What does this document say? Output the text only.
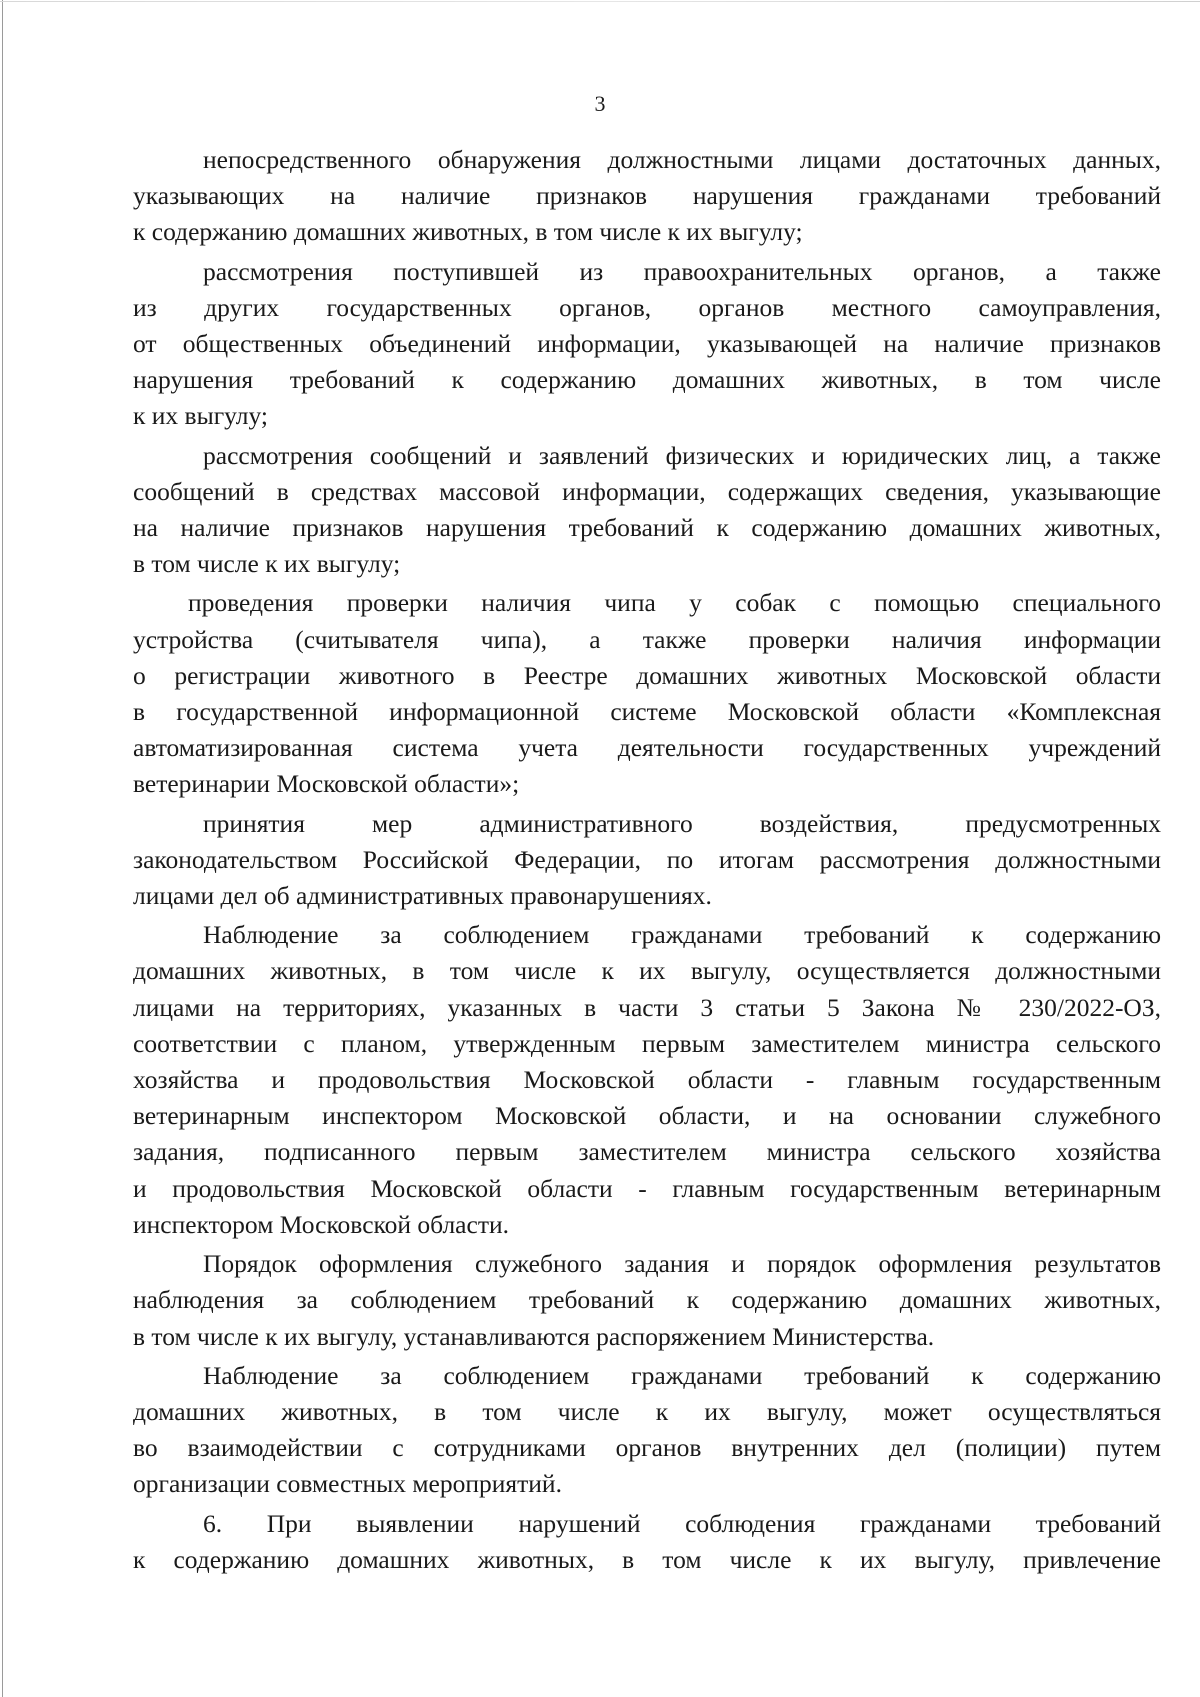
3

непосредственного обнаружения должностными лицами достаточных данных,
указывающих на наличие признаков нарушения гражданами требований
к содержанию домашних животных, в том числе к их выгулу;

рассмотрения поступившей из правоохранительных органов, а также
из других государственных органов, органов местного самоуправления,
от общественных объединений информации, указывающей на наличие признаков
нарушения требований к содержанию домашних животных, в том числе
к их выгулу;

рассмотрения сообщений и заявлений физических и юридических лиц, а также
сообщений в средствах массовой информации, содержащих сведения, указывающие
на наличие признаков нарушения требований к содержанию домашних животных,
в том числе к их выгулу;

проведения проверки наличия чипа у собак с помощью специального
устройства (считывателя чипа), а также проверки наличия информации
о регистрации животного в Реестре домашних животных Московской области
в государственной информационной системе Московской области «Комплексная
автоматизированная система учета деятельности государственных учреждений
ветеринарии Московской области»;

принятия мер административного воздействия, предусмотренных
законодательством Российской Федерации, по итогам рассмотрения должностными
лицами дел об административных правонарушениях.

Наблюдение за соблюдением гражданами требований к содержанию
домашних животных, в том числе к их выгулу, осуществляется должностными
лицами на территориях, указанных в части 3 статьи 5 Закона № 230/2022-ОЗ,
соответствии с планом, утвержденным первым заместителем министра сельского
хозяйства и продовольствия Московской области - главным государственным
ветеринарным инспектором Московской области, и на основании служебного
задания, подписанного первым заместителем министра сельского хозяйства
и продовольствия Московской области - главным государственным ветеринарным
инспектором Московской области.

Порядок оформления служебного задания и порядок оформления результатов
наблюдения за соблюдением требований к содержанию домашних животных,
в том числе к их выгулу, устанавливаются распоряжением Министерства.

Наблюдение за соблюдением гражданами требований к содержанию
домашних животных, в том числе к их выгулу, может осуществляться
во взаимодействии с сотрудниками органов внутренних дел (полиции) путем
организации совместных мероприятий.

6. При выявлении нарушений соблюдения гражданами требований
к содержанию домашних животных, в том числе к их выгулу, привлечение
